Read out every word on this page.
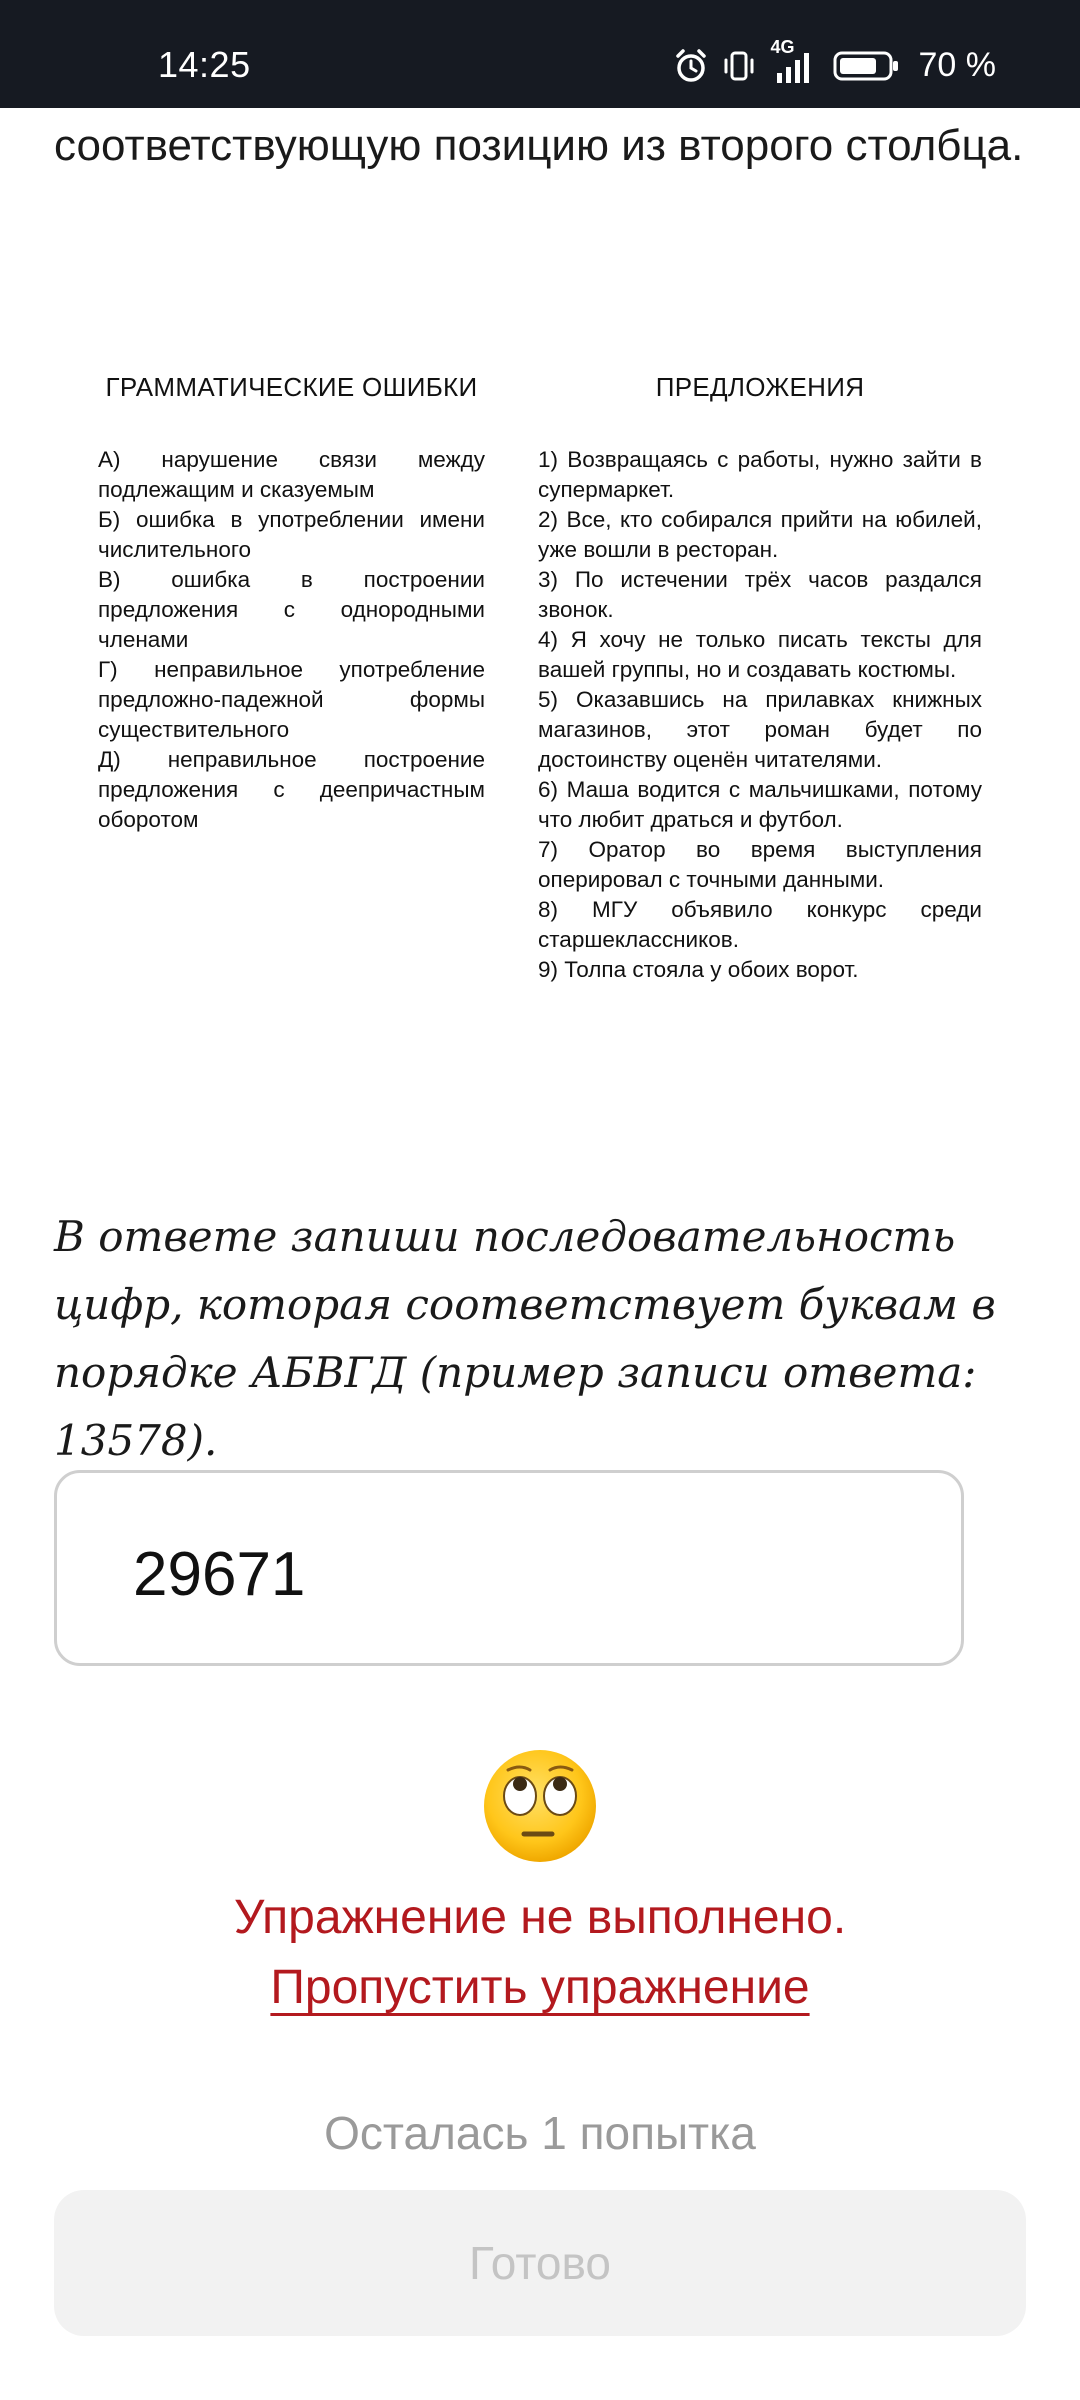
14:25	4G	70 %
соответствующую позицию из второго столбца.
ГРАММАТИЧЕСКИЕ ОШИБКИ

А) нарушение связи между подлежащим и сказуемым

Б) ошибка в употреблении имени числительного

В) ошибка в построении предложения с однородными членами

Г) неправильное употребление предложно-падежной формы существительного

Д) неправильное построение предложения с деепричастным оборотом

ПРЕДЛОЖЕНИЯ

1) Возвращаясь с работы, нужно зайти в супермаркет.

2) Все, кто собирался прийти на юбилей, уже вошли в ресторан.

3) По истечении трёх часов раздался звонок.

4) Я хочу не только писать тексты для вашей группы, но и создавать костюмы.

5) Оказавшись на прилавках книжных магазинов, этот роман будет по достоинству оценён читателями.

6) Маша водится с мальчишками, потому что любит драться и футбол.

7) Оратор во время выступления оперировал с точными данными.

8) МГУ объявило конкурс среди старшеклассников.

9) Толпа стояла у обоих ворот.

В ответе запиши последовательность цифр, которая соответствует буквам в порядке АБВГД (пример записи ответа: 13578).
29671
Упражнение не выполнено.
Пропустить упражнение
Осталась 1 попытка
Готово
